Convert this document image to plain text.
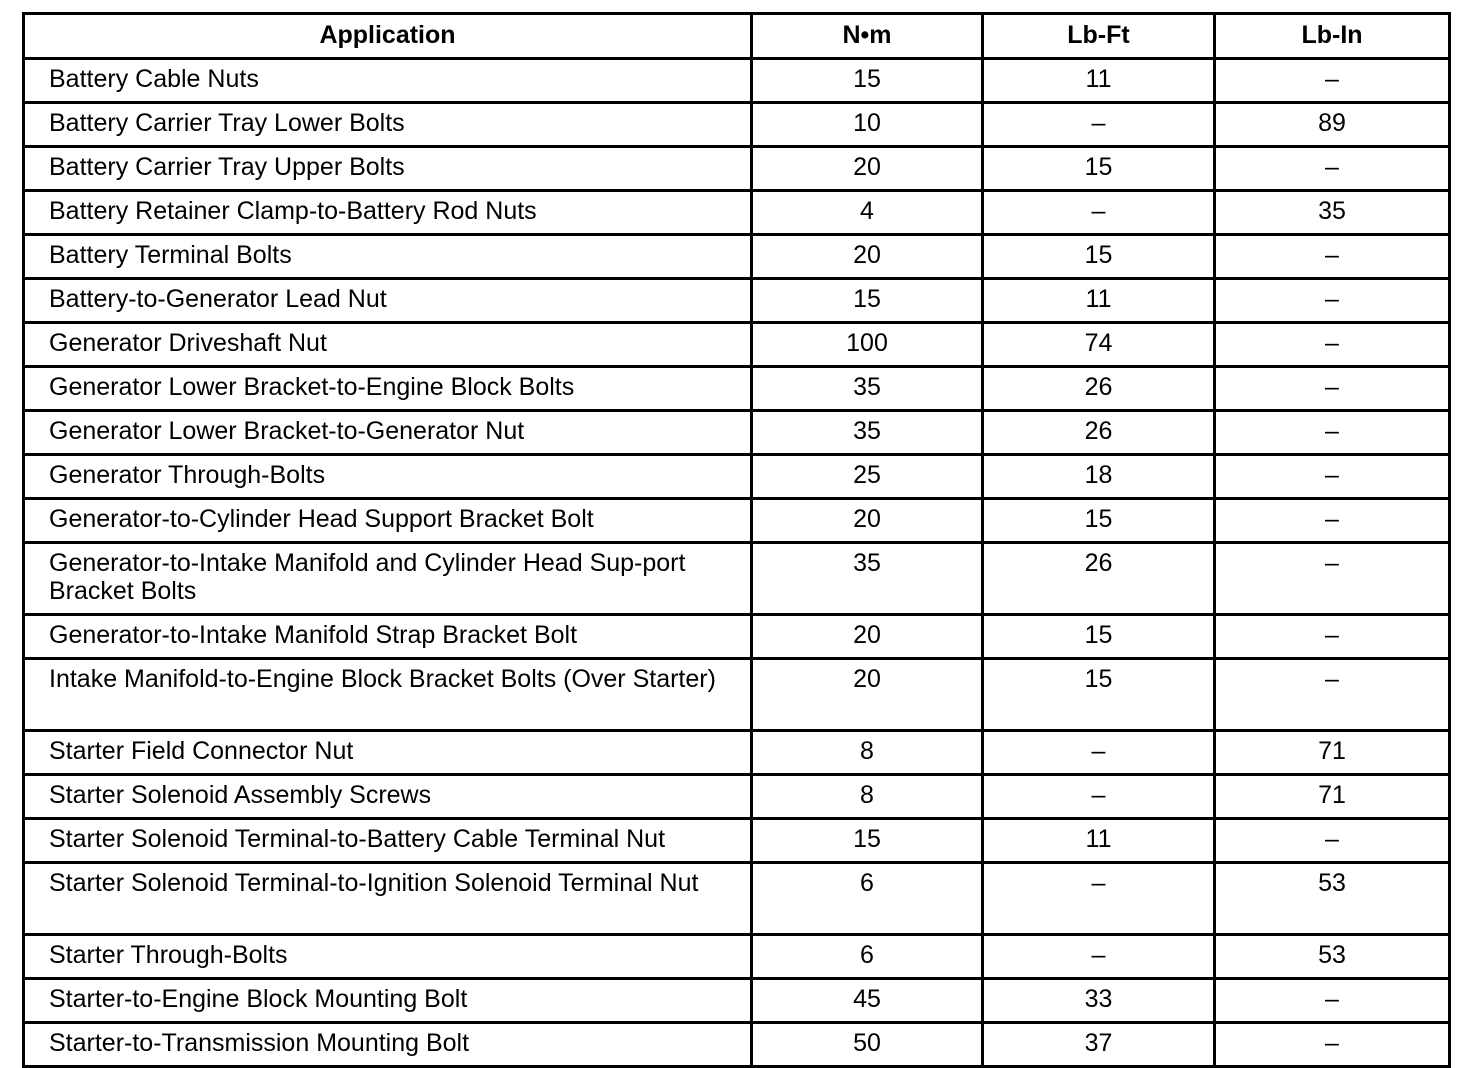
Application	N•m	Lb-Ft	Lb-In
Battery Cable Nuts	15	11	–
Battery Carrier Tray Lower Bolts	10	–	89
Battery Carrier Tray Upper Bolts	20	15	–
Battery Retainer Clamp-to-Battery Rod Nuts	4	–	35
Battery Terminal Bolts	20	15	–
Battery-to-Generator Lead Nut	15	11	–
Generator Driveshaft Nut	100	74	–
Generator Lower Bracket-to-Engine Block Bolts	35	26	–
Generator Lower Bracket-to-Generator Nut	35	26	–
Generator Through-Bolts	25	18	–
Generator-to-Cylinder Head Support Bracket Bolt	20	15	–
Generator-to-Intake Manifold and Cylinder Head Sup-port Bracket Bolts	35	26	–
Generator-to-Intake Manifold Strap Bracket Bolt	20	15	–
Intake Manifold-to-Engine Block Bracket Bolts (Over Starter)	20	15	–
Starter Field Connector Nut	8	–	71
Starter Solenoid Assembly Screws	8	–	71
Starter Solenoid Terminal-to-Battery Cable Terminal Nut	15	11	–
Starter Solenoid Terminal-to-Ignition Solenoid Terminal Nut	6	–	53
Starter Through-Bolts	6	–	53
Starter-to-Engine Block Mounting Bolt	45	33	–
Starter-to-Transmission Mounting Bolt	50	37	–
